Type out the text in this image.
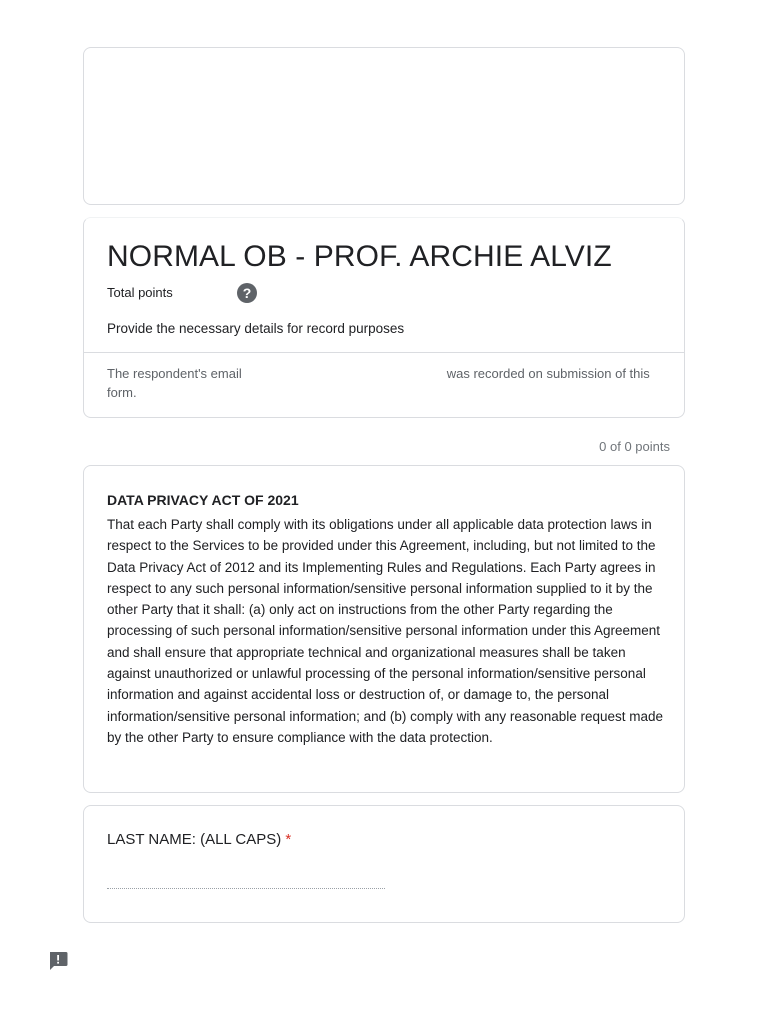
NORMAL OB - PROF. ARCHIE ALVIZ
Total points	?
Provide the necessary details for record purposes
The respondent's email	was recorded on submission of this form.
0 of 0 points
DATA PRIVACY ACT OF 2021
That each Party shall comply with its obligations under all applicable data protection laws in respect to the Services to be provided under this Agreement, including, but not limited to the Data Privacy Act of 2012 and its Implementing Rules and Regulations. Each Party agrees in respect to any such personal information/sensitive personal information supplied to it by the other Party that it shall: (a) only act on instructions from the other Party regarding the processing of such personal information/sensitive personal information under this Agreement and shall ensure that appropriate technical and organizational measures shall be taken against unauthorized or unlawful processing of the personal information/sensitive personal information and against accidental loss or destruction of, or damage to, the personal information/sensitive personal information; and (b) comply with any reasonable request made by the other Party to ensure compliance with the data protection.
LAST NAME: (ALL CAPS) *
